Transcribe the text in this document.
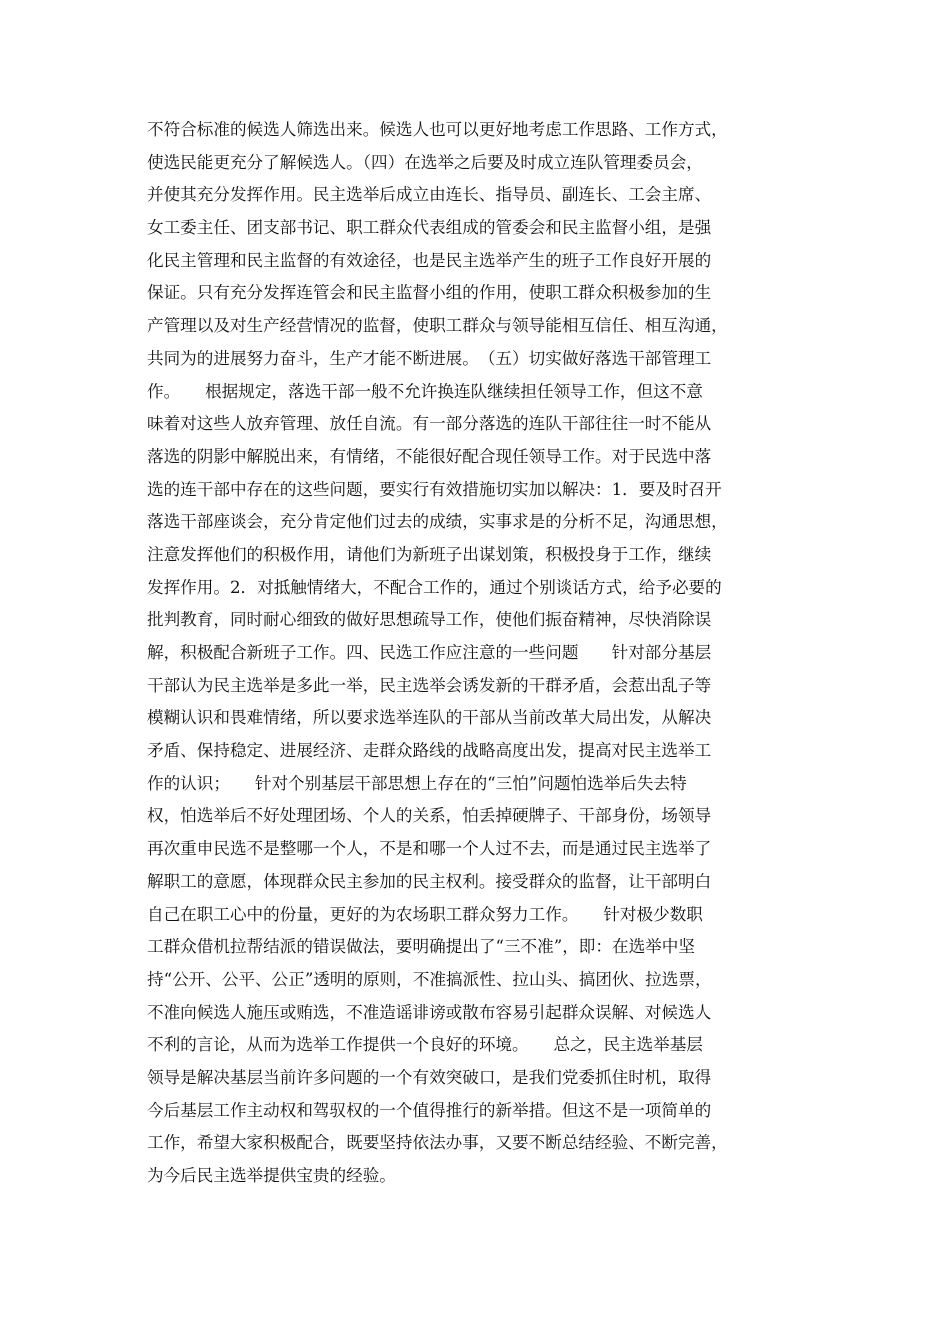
不符合标准的候选人筛选出来。候选人也可以更好地考虑工作思路、工作方式，
使选民能更充分了解候选人。（四）在选举之后要及时成立连队管理委员会，
并使其充分发挥作用。民主选举后成立由连长、指导员、副连长、工会主席、
女工委主任、团支部书记、职工群众代表组成的管委会和民主监督小组，是强
化民主管理和民主监督的有效途径，也是民主选举产生的班子工作良好开展的
保证。只有充分发挥连管会和民主监督小组的作用，使职工群众积极参加的生
产管理以及对生产经营情况的监督，使职工群众与领导能相互信任、相互沟通，
共同为的进展努力奋斗，生产才能不断进展。　（五）切实做好落选干部管理工
作。　　根据规定，落选干部一般不允许换连队继续担任领导工作，但这不意
味着对这些人放弃管理、放任自流。有一部分落选的连队干部往往一时不能从
落选的阴影中解脱出来，有情绪，不能很好配合现任领导工作。对于民选中落
选的连干部中存在的这些问题，要实行有效措施切实加以解决：1．要及时召开
落选干部座谈会，充分肯定他们过去的成绩，实事求是的分析不足，沟通思想，
注意发挥他们的积极作用，请他们为新班子出谋划策，积极投身于工作，继续
发挥作用。2．对抵触情绪大，不配合工作的，通过个别谈话方式，给予必要的
批判教育，同时耐心细致的做好思想疏导工作，使他们振奋精神，尽快消除误
解，积极配合新班子工作。四、民选工作应注意的一些问题　　针对部分基层
干部认为民主选举是多此一举，民主选举会诱发新的干群矛盾，会惹出乱子等
模糊认识和畏难情绪，所以要求选举连队的干部从当前改革大局出发，从解决
矛盾、保持稳定、进展经济、走群众路线的战略高度出发，提高对民主选举工
作的认识；　　针对个别基层干部思想上存在的“三怕”问题怕选举后失去特
权，怕选举后不好处理团场、个人的关系，怕丢掉硬牌子、干部身份，场领导
再次重申民选不是整哪一个人，不是和哪一个人过不去，而是通过民主选举了
解职工的意愿，体现群众民主参加的民主权利。接受群众的监督，让干部明白
自己在职工心中的份量，更好的为农场职工群众努力工作。　　针对极少数职
工群众借机拉帮结派的错误做法，要明确提出了“三不准”，即：在选举中坚
持“公开、公平、公正”透明的原则，不准搞派性、拉山头、搞团伙、拉选票，
不准向候选人施压或贿选，不准造谣诽谤或散布容易引起群众误解、对候选人
不利的言论，从而为选举工作提供一个良好的环境。　　总之，民主选举基层
领导是解决基层当前许多问题的一个有效突破口，是我们党委抓住时机，取得
今后基层工作主动权和驾驭权的一个值得推行的新举措。但这不是一项简单的
工作，希望大家积极配合，既要坚持依法办事，又要不断总结经验、不断完善，
为今后民主选举提供宝贵的经验。
